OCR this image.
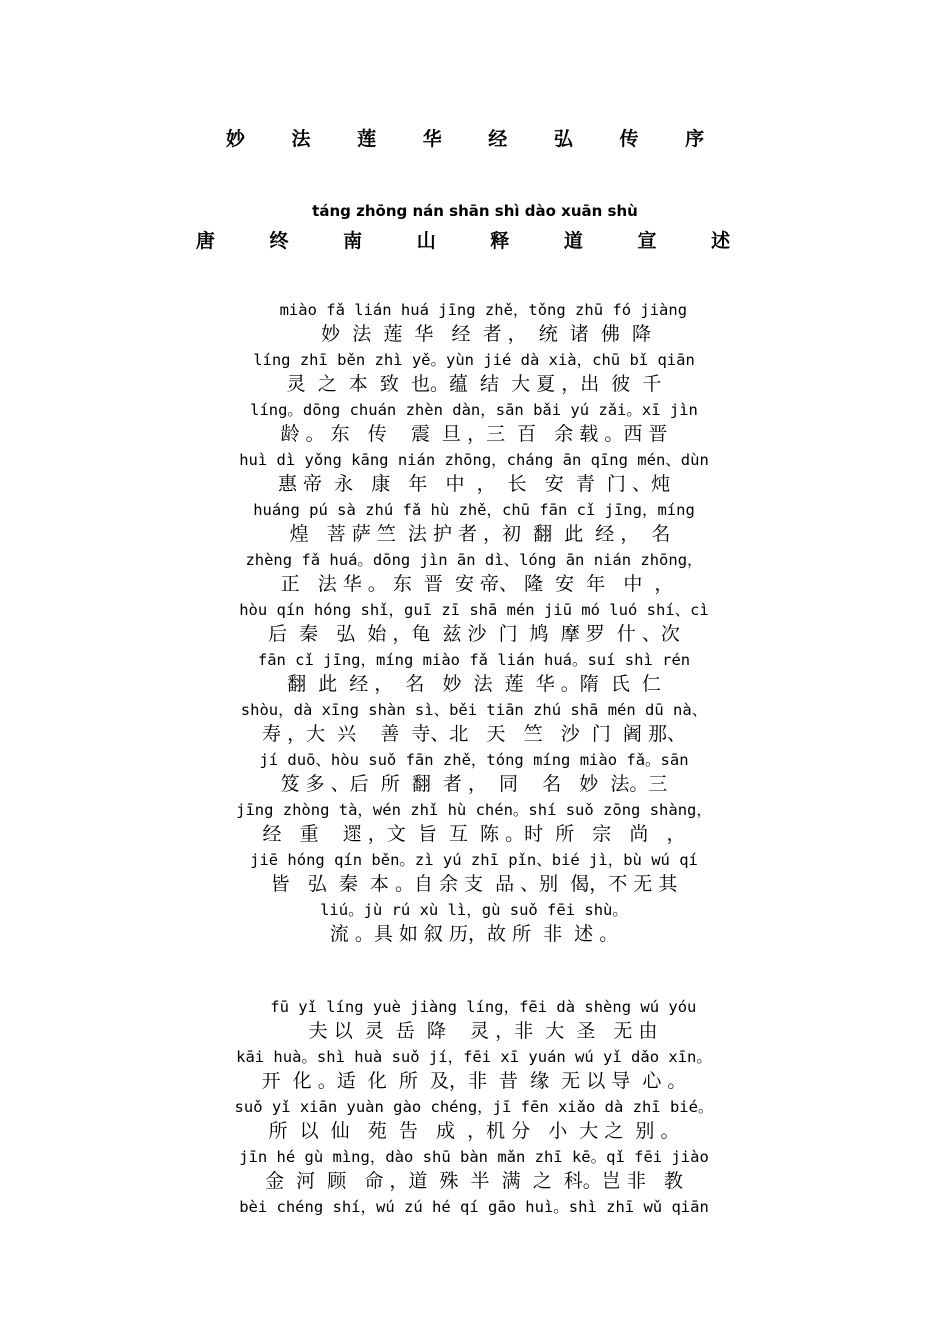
妙 法 莲 华 经 弘 传 序
táng zhōng nán shān shì dào xuān shù
唐 终 南 山 释 道 宣 述
miào fǎ lián huá jīng zhě，tǒng zhū fó jiàng
妙  法  莲  华   经  者 ，  统  诸  佛  降
líng zhī běn zhì yě。yùn jié dà xià，chū bǐ qiān
灵  之  本  致  也。蕴  结  大 夏 ，出  彼  千
líng。dōng chuán zhèn dàn，sān bǎi yú zǎi。xī jìn
龄 。 东   传    震  旦 ，三  百   余 载 。西 晋
huì dì yǒng kāng nián zhōng，cháng ān qīng mén、dùn
惠 帝  永   康   年   中  ，  长   安  青  门 、炖
huáng pú sà zhú fǎ hù zhě，chū fān cǐ jīng，míng
煌   菩 萨 竺  法 护 者 ，初  翻  此  经 ，  名
zhèng fǎ huá。dōng jìn ān dì、lóng ān nián zhōng，
正   法 华 。 东  晋  安 帝、 隆  安  年   中  ，
hòu qín hóng shǐ，guī zī shā mén jiū mó luó shí、cì
后  秦   弘  始 ，龟  兹 沙  门  鸠  摩 罗  什 、次
fān cǐ jīng，míng miào fǎ lián huá。suí shì rén
翻  此  经 ，  名   妙  法  莲  华 。隋  氏  仁
shòu，dà xīng shàn sì、běi tiān zhú shā mén dū nà、
寿 ，大  兴    善  寺、北   天   竺   沙  门  阇 那、
jí duō、hòu suǒ fān zhě，tóng míng miào fǎ。sān
笈 多 、后  所  翻  者 ，  同    名   妙  法。三
jīng zhòng tà，wén zhǐ hù chén。shí suǒ zōng shàng，
经   重    遝 ，文  旨  互  陈 。时  所   宗   尚   ，
jiē hóng qín běn。zì yú zhī pǐn、bié jì，bù wú qí
皆   弘  秦  本 。自 余 支  品 、别  偈，不 无 其
liú。jù rú xù lì，gù suǒ fēi shù。
流 。具 如 叙 历，故 所  非  述 。
fū yǐ líng yuè jiàng líng，fēi dà shèng wú yóu
夫 以  灵  岳  降    灵 ，非  大  圣   无 由
kāi huà。shì huà suǒ jí，fēi xī yuán wú yǐ dǎo xīn。
开  化 。适  化  所  及，非  昔  缘  无 以 导  心 。
suǒ yǐ xiān yuàn gào chéng，jī fēn xiǎo dà zhī bié。
所  以  仙   苑  告   成  ，机 分   小  大 之  别 。
jīn hé gù mìng，dào shū bàn mǎn zhī kē。qǐ fēi jiào
金  河  顾   命 ，道  殊  半  满  之  科。岂 非   教
bèi chéng shí，wú zú hé qí gāo huì。shì zhī wǔ qiān
